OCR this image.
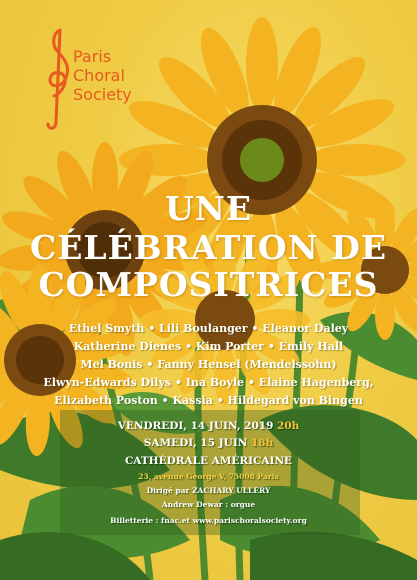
Paris
Choral
Society
UNE
CÉLÉBRATION DE
COMPOSITRICES
Ethel Smyth • Lili Boulanger • Eleanor Daley
Katherine Dienes • Kim Porter • Emily Hall
Mel Bonis • Fanny Hensel (Mendelssohn)
Elwyn-Edwards Dilys • Ina Boyle • Elaine Hagenberg,
Elizabeth Poston • Kassia • Hildegard von Bingen
VENDREDI, 14 JUIN, 2019 20h
SAMEDI, 15 JUIN 18h
CATHÉDRALE AMÉRICAINE
23, avenue George V, 75008 Paris
Dirigé par ZACHARY ULLERY
Andrew Dewar : orgue
Billetterie : fnac.et www.parischoralsociety.org
